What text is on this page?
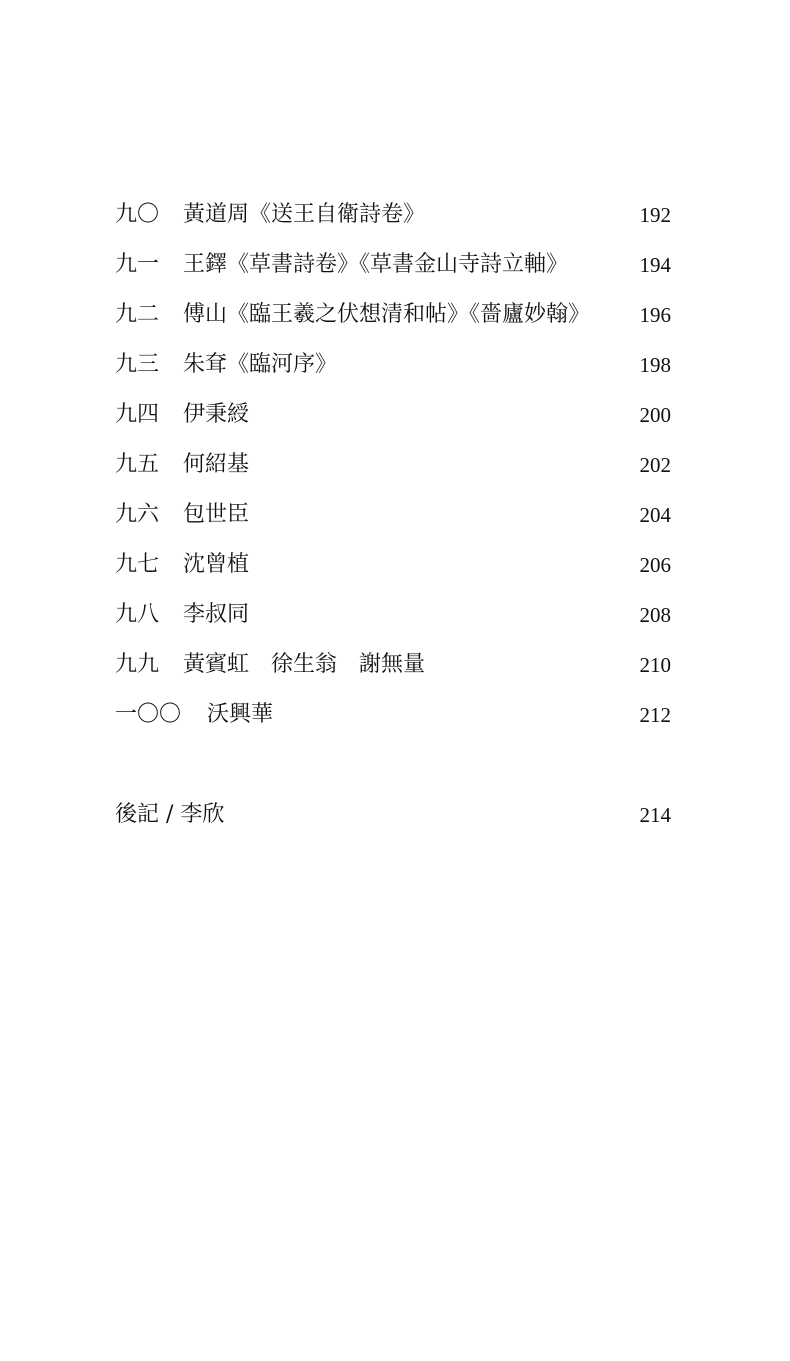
九〇	黃道周《送王自衛詩卷》	192
九一	王鐸《草書詩卷》《草書金山寺詩立軸》	194
九二	傅山《臨王羲之伏想清和帖》《嗇廬妙翰》	196
九三	朱耷《臨河序》	198
九四	伊秉綬	200
九五	何紹基	202
九六	包世臣	204
九七	沈曾植	206
九八	李叔同	208
九九	黃賓虹　徐生翁　謝無量	210
一〇〇	沃興華	212
後記 / 李欣	214
